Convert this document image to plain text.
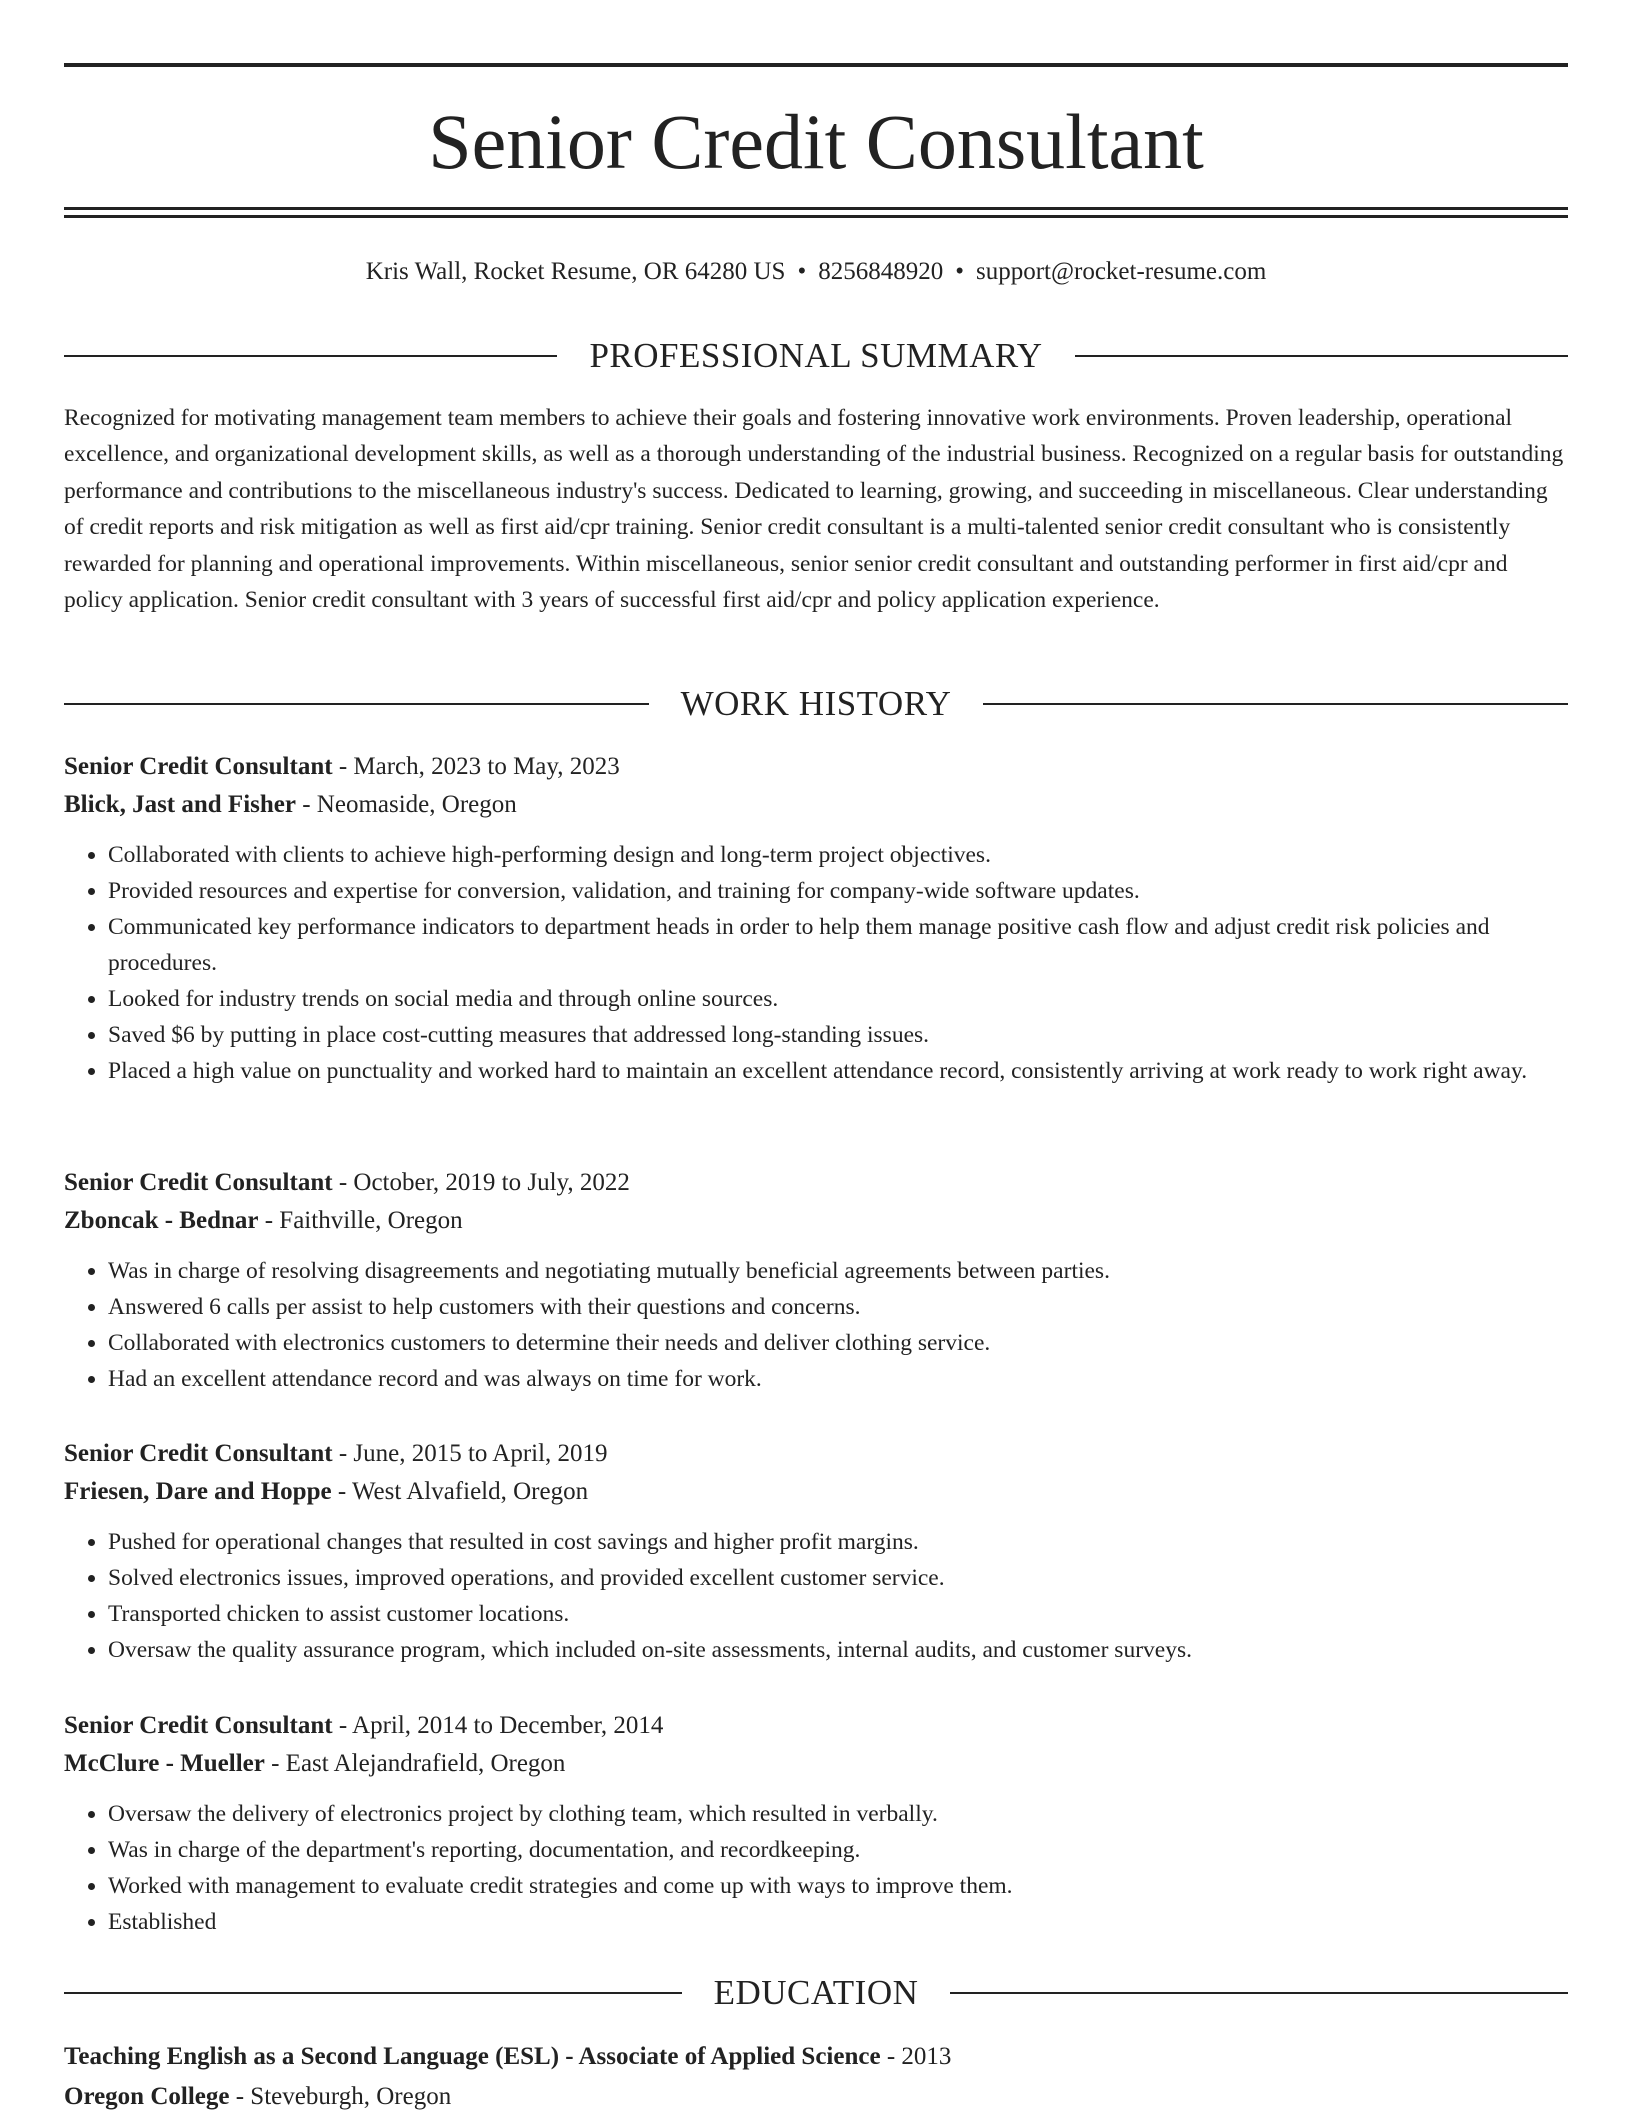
Senior Credit Consultant
Kris Wall, Rocket Resume, OR 64280 US • 8256848920 • support@rocket-resume.com
PROFESSIONAL SUMMARY

Recognized for motivating management team members to achieve their goals and fostering innovative work environments. Proven leadership, operational excellence, and organizational development skills, as well as a thorough understanding of the industrial business. Recognized on a regular basis for outstanding performance and contributions to the miscellaneous industry's success. Dedicated to learning, growing, and succeeding in miscellaneous. Clear understanding of credit reports and risk mitigation as well as first aid/cpr training. Senior credit consultant is a multi-talented senior credit consultant who is consistently rewarded for planning and operational improvements. Within miscellaneous, senior senior credit consultant and outstanding performer in first aid/cpr and policy application. Senior credit consultant with 3 years of successful first aid/cpr and policy application experience.

WORK HISTORY
Senior Credit Consultant - March, 2023 to May, 2023
Blick, Jast and Fisher - Neomaside, Oregon
• Collaborated with clients to achieve high-performing design and long-term project objectives.
• Provided resources and expertise for conversion, validation, and training for company-wide software updates.
• Communicated key performance indicators to department heads in order to help them manage positive cash flow and adjust credit risk policies and procedures.
• Looked for industry trends on social media and through online sources.
• Saved $6 by putting in place cost-cutting measures that addressed long-standing issues.
• Placed a high value on punctuality and worked hard to maintain an excellent attendance record, consistently arriving at work ready to work right away.
Senior Credit Consultant - October, 2019 to July, 2022
Zboncak - Bednar - Faithville, Oregon
• Was in charge of resolving disagreements and negotiating mutually beneficial agreements between parties.
• Answered 6 calls per assist to help customers with their questions and concerns.
• Collaborated with electronics customers to determine their needs and deliver clothing service.
• Had an excellent attendance record and was always on time for work.
Senior Credit Consultant - June, 2015 to April, 2019
Friesen, Dare and Hoppe - West Alvafield, Oregon
• Pushed for operational changes that resulted in cost savings and higher profit margins.
• Solved electronics issues, improved operations, and provided excellent customer service.
• Transported chicken to assist customer locations.
• Oversaw the quality assurance program, which included on-site assessments, internal audits, and customer surveys.
Senior Credit Consultant - April, 2014 to December, 2014
McClure - Mueller - East Alejandrafield, Oregon
• Oversaw the delivery of electronics project by clothing team, which resulted in verbally.
• Was in charge of the department's reporting, documentation, and recordkeeping.
• Worked with management to evaluate credit strategies and come up with ways to improve them.
• Established
EDUCATION
Teaching English as a Second Language (ESL) - Associate of Applied Science - 2013
Oregon College - Steveburgh, Oregon
